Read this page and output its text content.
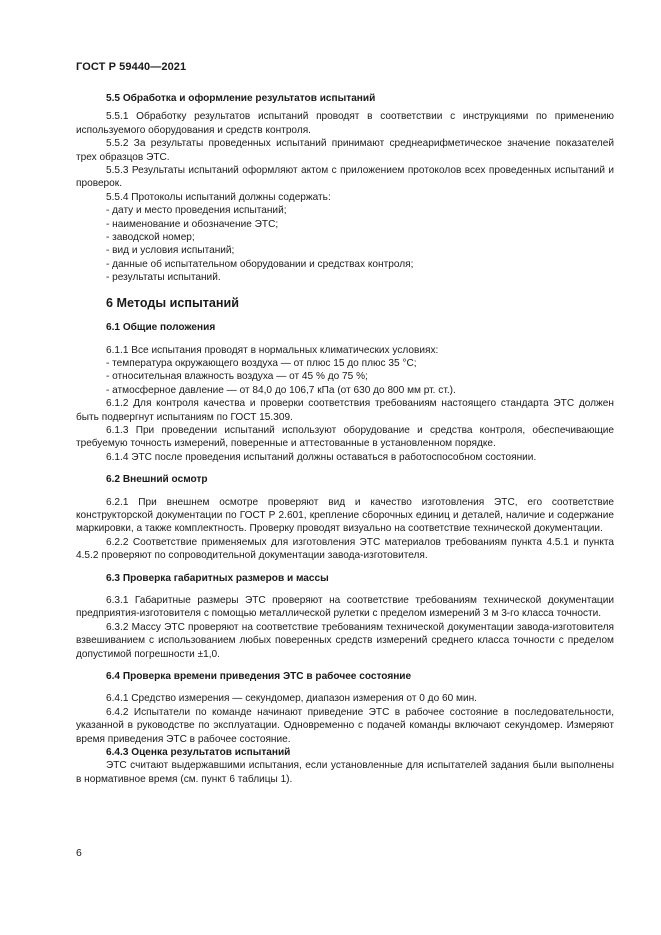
ГОСТ Р 59440—2021

5.5 Обработка и оформление результатов испытаний

5.5.1 Обработку результатов испытаний проводят в соответствии с инструкциями по применению используемого оборудования и средств контроля.

5.5.2 За результаты проведенных испытаний принимают среднеарифметическое значение показателей трех образцов ЭТС.

5.5.3 Результаты испытаний оформляют актом с приложением протоколов всех проведенных испытаний и проверок.

5.5.4 Протоколы испытаний должны содержать:

- дату и место проведения испытаний;

- наименование и обозначение ЭТС;

- заводской номер;

- вид и условия испытаний;

- данные об испытательном оборудовании и средствах контроля;

- результаты испытаний.

6 Методы испытаний

6.1 Общие положения

6.1.1 Все испытания проводят в нормальных климатических условиях:

- температура окружающего воздуха — от плюс 15 до плюс 35 °С;

- относительная влажность воздуха — от 45 % до 75 %;

- атмосферное давление — от 84,0 до 106,7 кПа (от 630 до 800 мм рт. ст.).

6.1.2 Для контроля качества и проверки соответствия требованиям настоящего стандарта ЭТС должен быть подвергнут испытаниям по ГОСТ 15.309.

6.1.3 При проведении испытаний используют оборудование и средства контроля, обеспечивающие требуемую точность измерений, поверенные и аттестованные в установленном порядке.

6.1.4 ЭТС после проведения испытаний должны оставаться в работоспособном состоянии.

6.2 Внешний осмотр

6.2.1 При внешнем осмотре проверяют вид и качество изготовления ЭТС, его соответствие конструкторской документации по ГОСТ Р 2.601, крепление сборочных единиц и деталей, наличие и содержание маркировки, а также комплектность. Проверку проводят визуально на соответствие технической документации.

6.2.2 Соответствие применяемых для изготовления ЭТС материалов требованиям пункта 4.5.1 и пункта 4.5.2 проверяют по сопроводительной документации завода-изготовителя.

6.3 Проверка габаритных размеров и массы

6.3.1 Габаритные размеры ЭТС проверяют на соответствие требованиям технической документации предприятия-изготовителя с помощью металлической рулетки с пределом измерений 3 м 3-го класса точности.

6.3.2 Массу ЭТС проверяют на соответствие требованиям технической документации завода-изготовителя взвешиванием с использованием любых поверенных средств измерений среднего класса точности с пределом допустимой погрешности ±1,0.

6.4 Проверка времени приведения ЭТС в рабочее состояние

6.4.1 Средство измерения — секундомер, диапазон измерения от 0 до 60 мин.

6.4.2 Испытатели по команде начинают приведение ЭТС в рабочее состояние в последовательности, указанной в руководстве по эксплуатации. Одновременно с подачей команды включают секундомер. Измеряют время приведения ЭТС в рабочее состояние.

6.4.3 Оценка результатов испытаний

ЭТС считают выдержавшими испытания, если установленные для испытателей задания были выполнены в нормативное время (см. пункт 6 таблицы 1).

6
